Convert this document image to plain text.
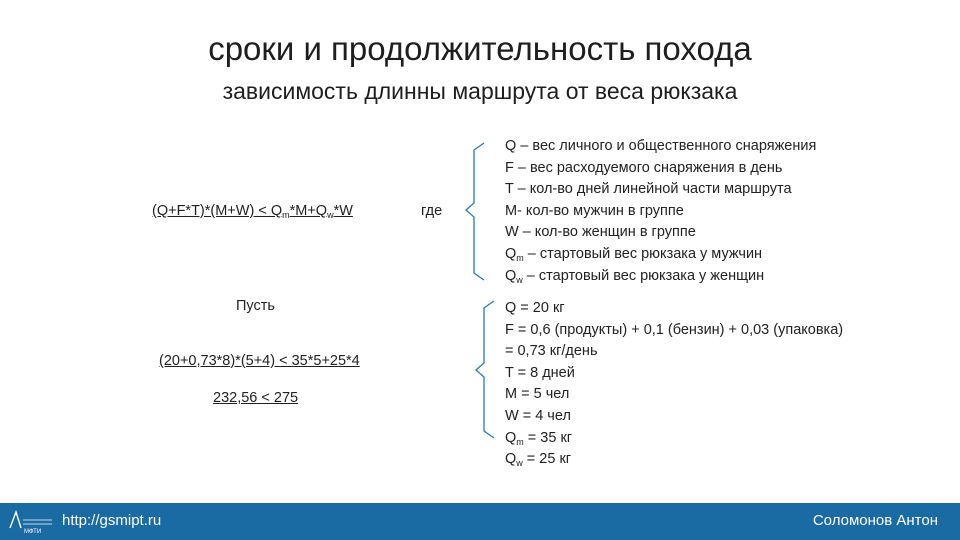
сроки и продолжительность похода
зависимость длинны маршрута от веса рюкзака
$(Q+F*T)*(M+W) < Q_m*M+Q_w*W$	где
Q – вес личного и общественного снаряжения
F – вес расходуемого снаряжения в день
T – кол-во дней линейной части маршрута
M- кол-во мужчин в группе
W – кол-во женщин в группе
$Q_m$ – стартовый вес рюкзака у мужчин
$Q_w$ – стартовый вес рюкзака у женщин
Пусть
(20+0,73*8)*(5+4) < 35*5+25*4
232,56 < 275
Q = 20 кг
F = 0,6 (продукты) + 0,1 (бензин) + 0,03 (упаковка)
= 0,73 кг/день
T = 8 дней
M = 5 чел
W = 4 чел
$Q_m = 35$ кг
$Q_w = 25$ кг
МФТИ
http://gsmipt.ru	Соломонов Антон
